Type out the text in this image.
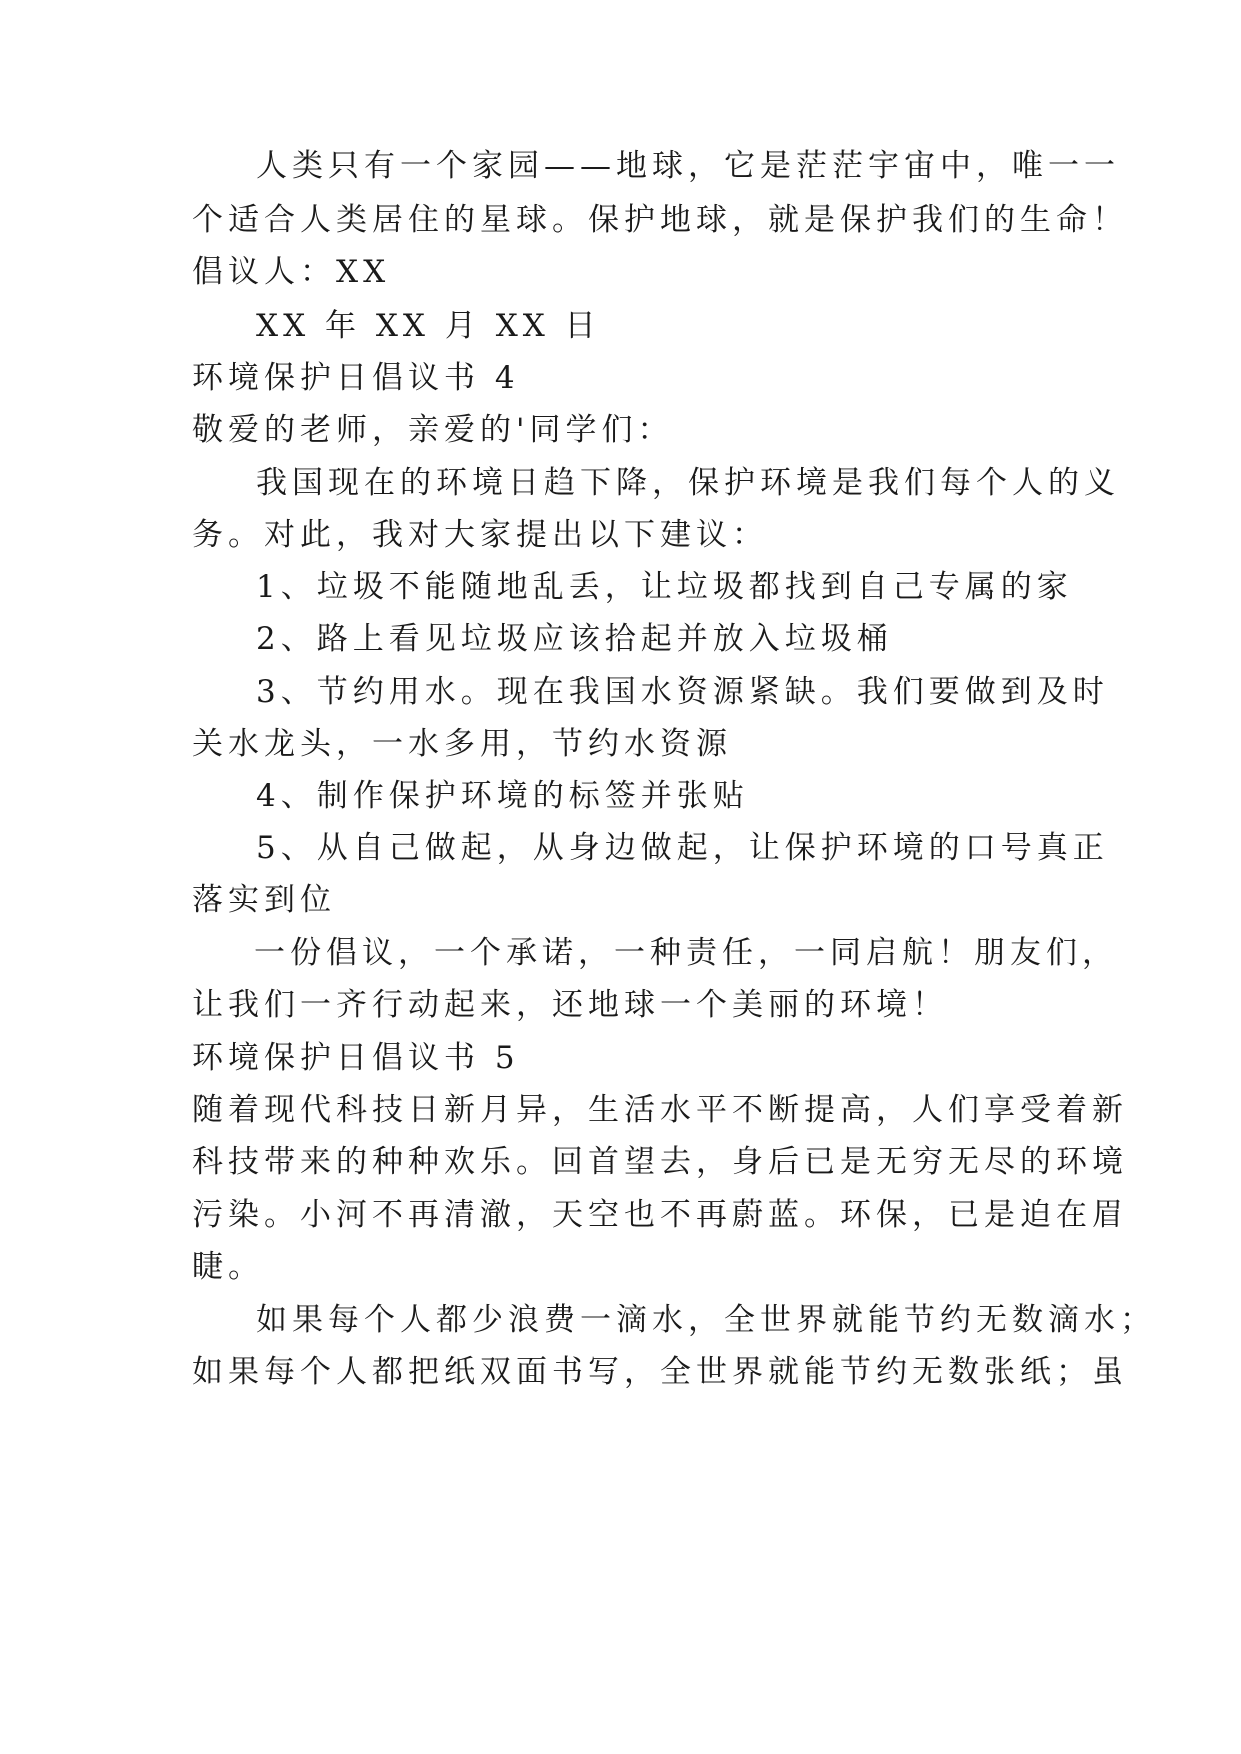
人类只有一个家园——地球，它是茫茫宇宙中，唯一一
个适合人类居住的星球。保护地球，就是保护我们的生命！
倡议人：XX
XX 年 XX 月 XX 日
环境保护日倡议书 4
敬爱的老师，亲爱的'同学们：
我国现在的环境日趋下降，保护环境是我们每个人的义
务。对此，我对大家提出以下建议：
1、垃圾不能随地乱丢，让垃圾都找到自己专属的家
2、路上看见垃圾应该拾起并放入垃圾桶
3、节约用水。现在我国水资源紧缺。我们要做到及时
关水龙头，一水多用，节约水资源
4、制作保护环境的标签并张贴
5、从自己做起，从身边做起，让保护环境的口号真正
落实到位
一份倡议，一个承诺，一种责任，一同启航！朋友们，
让我们一齐行动起来，还地球一个美丽的环境！
环境保护日倡议书 5
随着现代科技日新月异，生活水平不断提高，人们享受着新
科技带来的种种欢乐。回首望去，身后已是无穷无尽的环境
污染。小河不再清澈，天空也不再蔚蓝。环保，已是迫在眉
睫。
如果每个人都少浪费一滴水，全世界就能节约无数滴水；
如果每个人都把纸双面书写，全世界就能节约无数张纸；虽
